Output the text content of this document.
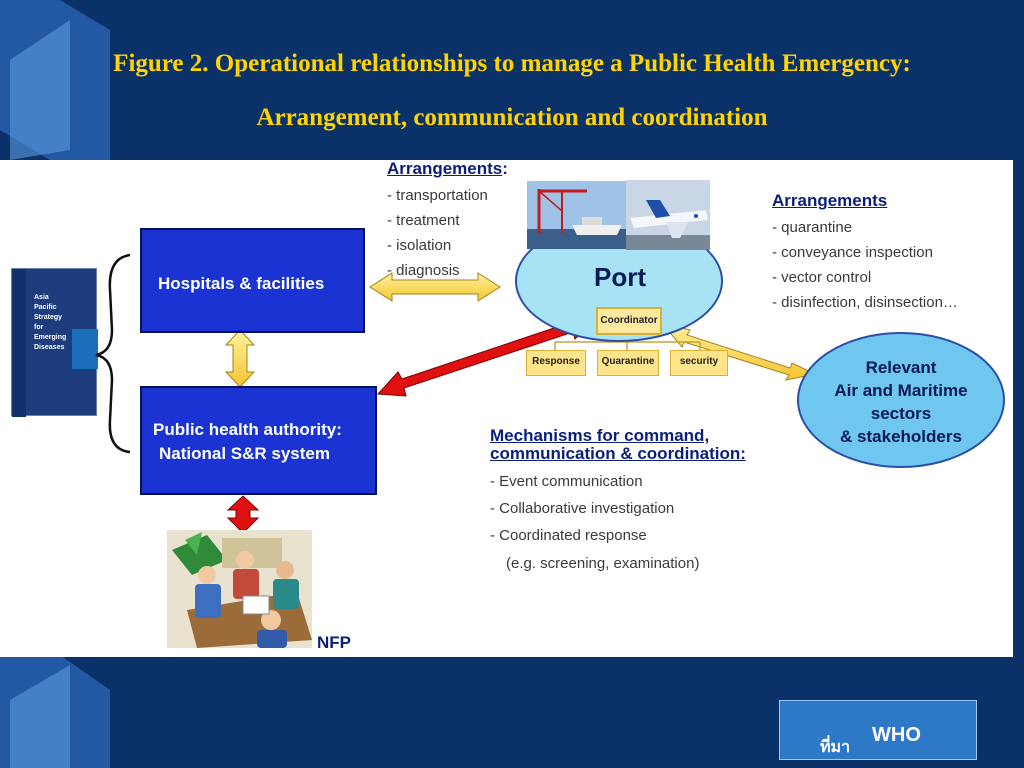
Figure 2. Operational relationships to manage a Public Health Emergency:
Arrangement, communication and coordination
Asia
Pacific
Strategy
for
Emerging
Diseases
Hospitals & facilities
Public health authority:
National S&R system
NFP
Arrangements:
- transportation
- treatment
- isolation
- diagnosis	Port
Coordinator
Response	Quarantine	security
Arrangements
- quarantine
- conveyance inspection
- vector control
- disinfection, disinsection…
Relevant
Air and Maritime
sectors
& stakeholders
Mechanisms for command,
communication & coordination:
- Event communication
- Collaborative investigation
- Coordinated response
(e.g. screening, examination)
ที่มา
WHO
